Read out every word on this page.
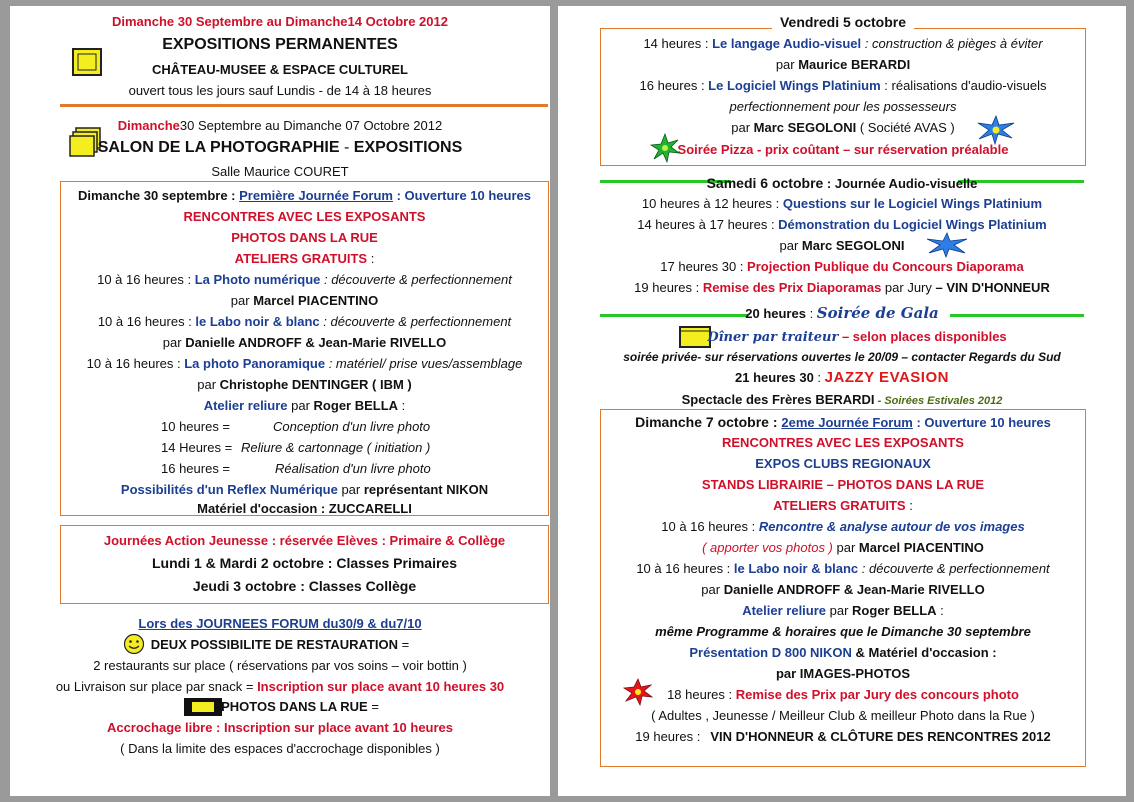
Dimanche 30 Septembre au Dimanche14 Octobre 2012
EXPOSITIONS PERMANENTES
CHÂTEAU-MUSEE & ESPACE CULTUREL
ouvert tous les jours sauf Lundis - de 14 à 18 heures
Dimanche30 Septembre au Dimanche 07 Octobre 2012
SALON DE LA PHOTOGRAPHIE - EXPOSITIONS
Salle Maurice COURET
Dimanche 30 septembre : Première Journée Forum : Ouverture 10 heures
RENCONTRES AVEC LES EXPOSANTS
PHOTOS DANS LA RUE
ATELIERS GRATUITS :
10 à 16 heures : La Photo numérique : découverte & perfectionnement
par Marcel PIACENTINO
10 à 16 heures : le Labo noir & blanc : découverte & perfectionnement
par Danielle ANDROFF & Jean-Marie RIVELLO
10 à 16 heures : La photo Panoramique : matériel/ prise vues/assemblage
par Christophe DENTINGER ( IBM )
Atelier reliure par Roger BELLA :
10 heures =	Conception d'un livre photo
14 Heures = Reliure & cartonnage ( initiation )
16 heures =	Réalisation d'un livre photo
Possibilités d'un Reflex Numérique par représentant NIKON
Matériel d'occasion : ZUCCARELLI
Journées Action Jeunesse : réservée Elèves : Primaire & Collège
Lundi 1 & Mardi 2 octobre : Classes Primaires
Jeudi 3 octobre : Classes Collège
Lors des JOURNEES FORUM du30/9 & du7/10
DEUX POSSIBILITE DE RESTAURATION =
2 restaurants sur place ( réservations par vos soins – voir bottin )
ou Livraison sur place par snack = Inscription sur place avant 10 heures 30
PHOTOS DANS LA RUE =
Accrochage libre : Inscription sur place avant 10 heures
( Dans la limite des espaces d'accrochage disponibles )
Vendredi 5 octobre
14 heures : Le langage Audio-visuel : construction & pièges à éviter
par Maurice BERARDI
16 heures : Le Logiciel Wings Platinium : réalisations d'audio-visuels
perfectionnement pour les possesseurs
par Marc SEGOLONI ( Société AVAS )
Soirée Pizza - prix coûtant – sur réservation préalable
Samedi 6 octobre : Journée Audio-visuelle
10 heures à 12 heures : Questions sur le Logiciel Wings Platinium
14 heures à 17 heures : Démonstration du Logiciel Wings Platinium
par Marc SEGOLONI
17 heures 30 : Projection Publique du Concours Diaporama
19 heures : Remise des Prix Diaporamas par Jury – VIN D'HONNEUR
20 heures : Soirée de Gala
Dîner par traiteur – selon places disponibles
soirée privée- sur réservations ouvertes le 20/09 – contacter Regards du Sud
21 heures 30 : JAZZY EVASION
Spectacle des Frères BERARDI - Soirées Estivales 2012
Dimanche 7 octobre : 2eme Journée Forum : Ouverture 10 heures
RENCONTRES AVEC LES EXPOSANTS
EXPOS CLUBS REGIONAUX
STANDS LIBRAIRIE – PHOTOS DANS LA RUE
ATELIERS GRATUITS :
10 à 16 heures : Rencontre & analyse autour de vos images
( apporter vos photos ) par Marcel PIACENTINO
10 à 16 heures : le Labo noir & blanc : découverte & perfectionnement
par Danielle ANDROFF & Jean-Marie RIVELLO
Atelier reliure par Roger BELLA :
même Programme & horaires que le Dimanche 30 septembre
Présentation D 800 NIKON & Matériel d'occasion :
par IMAGES-PHOTOS
18 heures : Remise des Prix par Jury des concours photo
( Adultes , Jeunesse / Meilleur Club & meilleur Photo dans la Rue )
19 heures : VIN D'HONNEUR & CLÔTURE DES RENCONTRES 2012
